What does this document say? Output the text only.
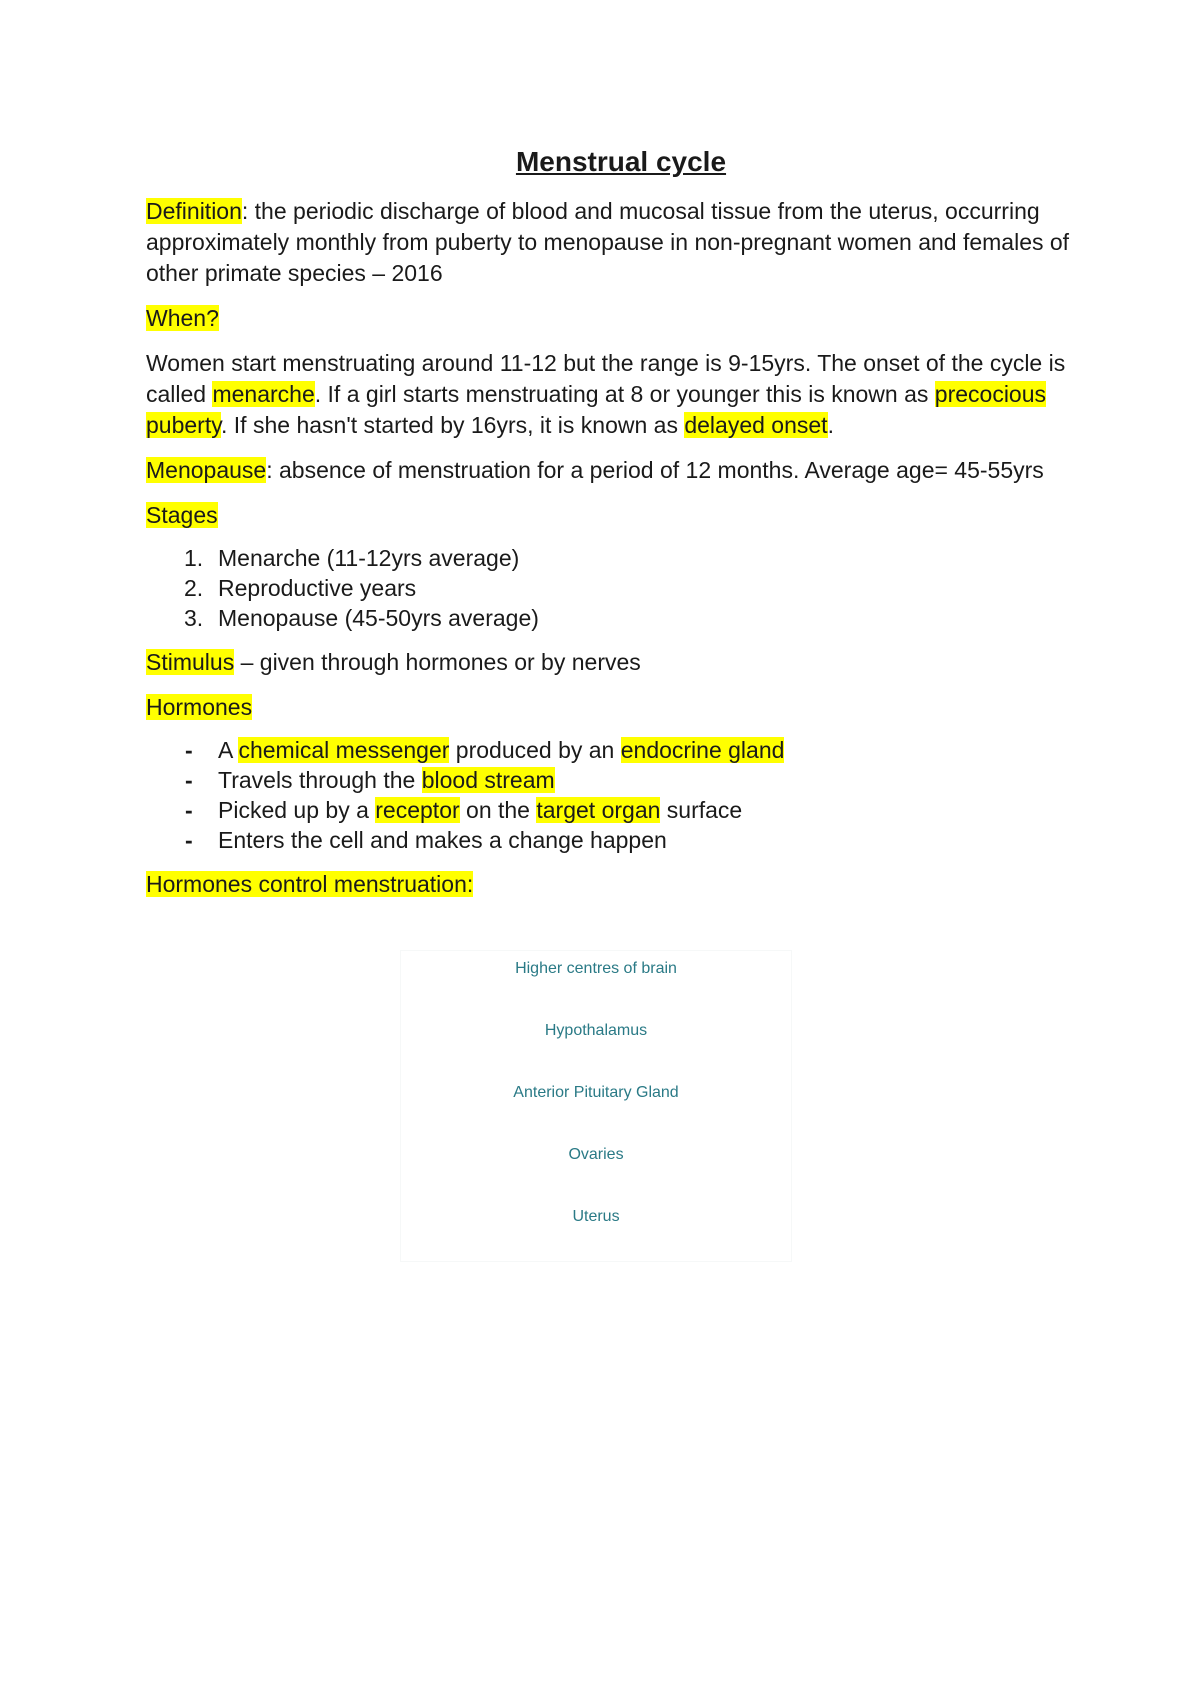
Menstrual cycle

Definition: the periodic discharge of blood and mucosal tissue from the uterus, occurring approximately monthly from puberty to menopause in non-pregnant women and females of other primate species – 2016

When?

Women start menstruating around 11-12 but the range is 9-15yrs. The onset of the cycle is called menarche. If a girl starts menstruating at 8 or younger this is known as precocious puberty. If she hasn't started by 16yrs, it is known as delayed onset.

Menopause: absence of menstruation for a period of 12 months. Average age= 45-55yrs

Stages

1. Menarche (11-12yrs average)
2. Reproductive years
3. Menopause (45-50yrs average)

Stimulus – given through hormones or by nerves

Hormones

- A chemical messenger produced by an endocrine gland
- Travels through the blood stream
- Picked up by a receptor on the target organ surface
- Enters the cell and makes a change happen

Hormones control menstruation:

Higher centres of brain
Hypothalamus
Anterior Pituitary Gland
Ovaries
Uterus
